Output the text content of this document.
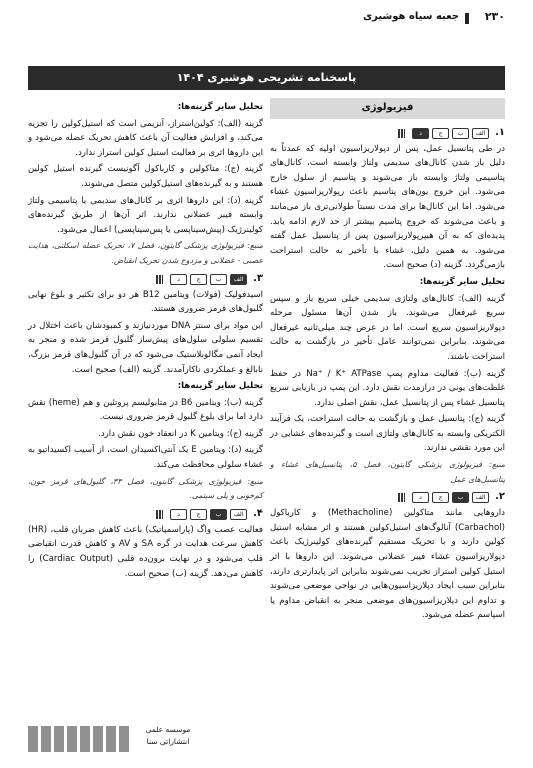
۲۳۰
جعبه سیاه هوشیری
پاسخنامه تشریحی هوشیری ۱۴۰۴
فیزیولوژی
۱.
الف
ب
ج
د

در طی پتانسیل عمل، پس از دپولاریزاسیون اولیه که عمدتاً به دلیل باز شدن کانال‌های سدیمی ولتاژ وابسته است، کانال‌های پتاسیمی ولتاژ وابسته باز می‌شوند و پتاسیم از سلول خارج می‌شود. این خروج یون‌های پتاسیم باعث رپولاریزاسیون غشاء می‌شود. اما این کانال‌ها برای مدت نسبتاً طولانی‌تری باز می‌مانند و باعث می‌شوند که خروج پتاسیم بیشتر از حد لازم ادامه یابد. پدیده‌ای که به آن هیپرپولاریزاسیون پس از پتانسیل عمل گفته می‌شود. به همین دلیل، غشاء با تأخیر به حالت استراحت بازمی‌گردد. گزینه (د) صحیح است.

تحلیل سایر گزینه‌ها:

گزینه (الف): کانال‌های ولتاژی سدیمی خیلی سریع باز و سپس سریع غیرفعال می‌شوند. باز شدن آن‌ها مسئول مرحله دپولاریزاسیون سریع است. اما در عرض چند میلی‌ثانیه غیرفعال می‌شوند، بنابراین نمی‌توانند عامل تأخیر در بازگشت به حالت استراحت باشند.

گزینه (ب): فعالیت مداوم پمپ Na⁺ / K⁺ ATPase در حفظ غلظت‌های یونی در درازمدت نقش دارد. این پمپ در بازیابی سریع پتانسیل غشاء پس از پتانسیل عمل، نقش اصلی ندارد.

گزینه (ج): پتانسیل عمل و بازگشت به حالت استراحت، یک فرآیند الکتریکی وابسته به کانال‌های ولتاژی است و گیرنده‌های غشایی در این مورد نقشی ندارند.

منبع: فیزیولوژی پزشکی گایتون، فصل ۵، پتانسیل‌های غشاء و پتانسیل‌های عمل

۲.
الف
ب
ج
د

داروهایی مانند متاکولین (Methacholine) و کارباکول (Carbachol) آنالوگ‌های استیل‌کولین هستند و اثر مشابه استیل کولین دارند و با تحریک مستقیم گیرنده‌های کولینرژیک باعث دپولاریزاسیون غشاء فیبر عضلانی می‌شوند. این داروها با اثر استیل کولین استراز تخریب نمی‌شوند بنابراین اثر پایدارتری دارند، بنابراین سبب ایجاد دپلاریزاسیون‌هایی در نواحی موضعی می‌شوند و تداوم این دپلاریزاسیون‌های موضعی منجر به انقباض مداوم یا اسپاسم عضله می‌شود.

تحلیل سایر گزینه‌ها:

گزینه (الف): کولین‌استراز، آنزیمی است که استیل‌کولین را تجزیه می‌کند، و افزایش فعالیت آن باعث کاهش تحریک عضله می‌شود و این داروها اثری بر فعالیت استیل کولین استراز ندارد.

گزینه (ج): متاکولین و کارباکول آگونیست گیرنده استیل کولین هستند و به گیرنده‌های استیل‌کولین متصل می‌شوند.

گزینه (د): این داروها اثری بر کانال‌های سدیمی یا پتاسیمی ولتاژ وابسته فیبر عضلانی ندارند. اثر آن‌ها از طریق گیرنده‌های کولینرژیک (پیش‌سیناپسی یا پس‌سیناپسی) اعمال می‌شود.

منبع: فیزیولوژی پزشکی گایتون، فصل ۷، تحریک عضله اسکلتی، هدایت عصبی - عضلانی و مزدوج شدن تحریک انقباض.

۳.
الف
ب
ج
د

اسیدفولیک (فولات) ویتامین B12 هر دو برای تکثیر و بلوغ نهایی گلبول‌های قرمز ضروری هستند.

این مواد برای سنتز DNA موردنیازند و کمبودشان باعث اختلال در تقسیم سلولی سلول‌های پیش‌ساز گلبول قرمز شده و منجر به ایجاد آنمی مگالوبلاستیک می‌شود که در آن گلبول‌های قرمز بزرگ، نابالغ و عملکردی ناکارآمدند. گزینه (الف) صحیح است.

تحلیل سایر گزینه‌ها:

گزینه (ب): ویتامین B6 در متابولیسم پروتئین و هم (heme) نقش دارد اما برای بلوغ گلبول قرمز ضروری نیست.

گزینه (ج): ویتامین K در انعقاد خون نقش دارد.

گزینه (د): ویتامین E یک آنتی‌اکسیدان است، از آسیب اکسیداتیو به غشاء سلولی محافظت می‌کند.

منبع: فیزیولوژی پزشکی گایتون، فصل ۳۳، گلبول‌های قرمز خون، کم‌خونی و پلی سیتمی.

۴.
الف
ب
ج
د

فعالیت عصب واگ (پاراسمپاتیک) باعث کاهش ضربان قلب، (HR) کاهش سرعت هدایت در گره SA و AV و کاهش قدرت انقباضی قلب می‌شود و در نهایت برون‌ده قلبی (Cardiac Output) را کاهش می‌دهد. گزینه (ب) صحیح است.

موسسه علمی
انتشاراتی سنا
